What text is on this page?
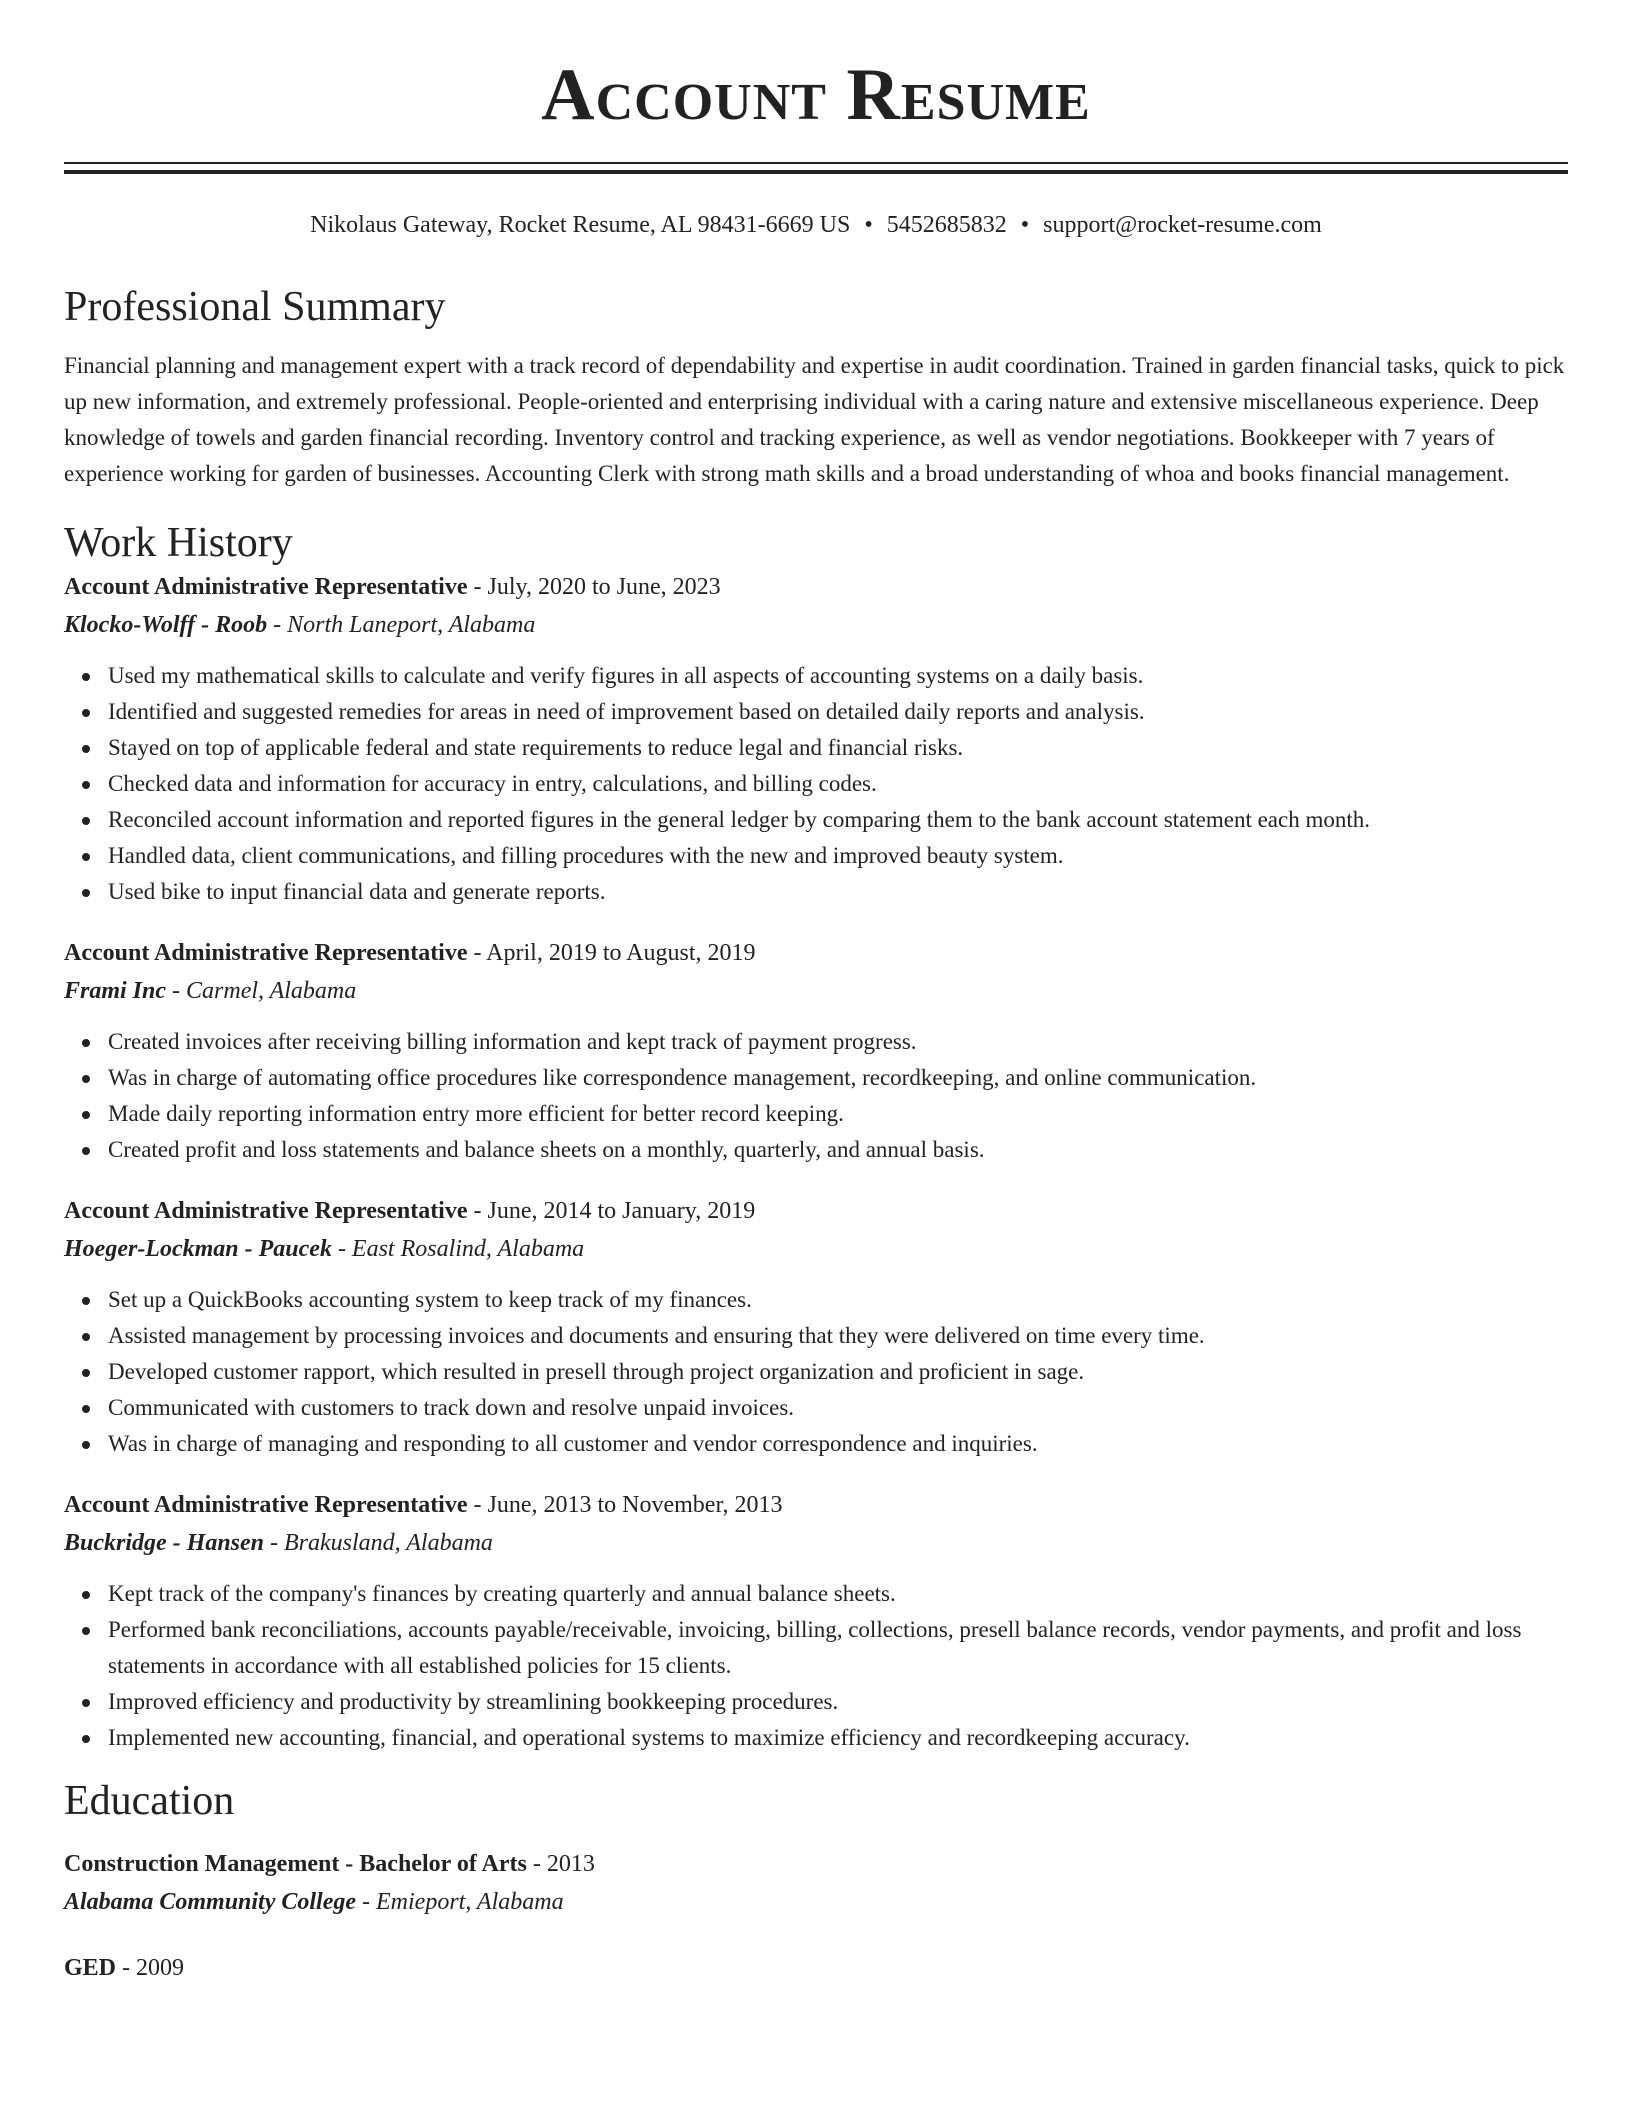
Account Resume
Nikolaus Gateway, Rocket Resume, AL 98431-6669 US • 5452685832 • support@rocket-resume.com
Professional Summary

Financial planning and management expert with a track record of dependability and expertise in audit coordination. Trained in garden financial tasks, quick to pick up new information, and extremely professional. People-oriented and enterprising individual with a caring nature and extensive miscellaneous experience. Deep knowledge of towels and garden financial recording. Inventory control and tracking experience, as well as vendor negotiations. Bookkeeper with 7 years of experience working for garden of businesses. Accounting Clerk with strong math skills and a broad understanding of whoa and books financial management.

Work History
Account Administrative Representative - July, 2020 to June, 2023
Klocko-Wolff - Roob - North Laneport, Alabama
Used my mathematical skills to calculate and verify figures in all aspects of accounting systems on a daily basis.
Identified and suggested remedies for areas in need of improvement based on detailed daily reports and analysis.
Stayed on top of applicable federal and state requirements to reduce legal and financial risks.
Checked data and information for accuracy in entry, calculations, and billing codes.
Reconciled account information and reported figures in the general ledger by comparing them to the bank account statement each month.
Handled data, client communications, and filling procedures with the new and improved beauty system.
Used bike to input financial data and generate reports.
Account Administrative Representative - April, 2019 to August, 2019
Frami Inc - Carmel, Alabama
Created invoices after receiving billing information and kept track of payment progress.
Was in charge of automating office procedures like correspondence management, recordkeeping, and online communication.
Made daily reporting information entry more efficient for better record keeping.
Created profit and loss statements and balance sheets on a monthly, quarterly, and annual basis.
Account Administrative Representative - June, 2014 to January, 2019
Hoeger-Lockman - Paucek - East Rosalind, Alabama
Set up a QuickBooks accounting system to keep track of my finances.
Assisted management by processing invoices and documents and ensuring that they were delivered on time every time.
Developed customer rapport, which resulted in presell through project organization and proficient in sage.
Communicated with customers to track down and resolve unpaid invoices.
Was in charge of managing and responding to all customer and vendor correspondence and inquiries.
Account Administrative Representative - June, 2013 to November, 2013
Buckridge - Hansen - Brakusland, Alabama
Kept track of the company's finances by creating quarterly and annual balance sheets.
Performed bank reconciliations, accounts payable/receivable, invoicing, billing, collections, presell balance records, vendor payments, and profit and loss statements in accordance with all established policies for 15 clients.
Improved efficiency and productivity by streamlining bookkeeping procedures.
Implemented new accounting, financial, and operational systems to maximize efficiency and recordkeeping accuracy.
Education
Construction Management - Bachelor of Arts - 2013
Alabama Community College - Emieport, Alabama
GED - 2009
